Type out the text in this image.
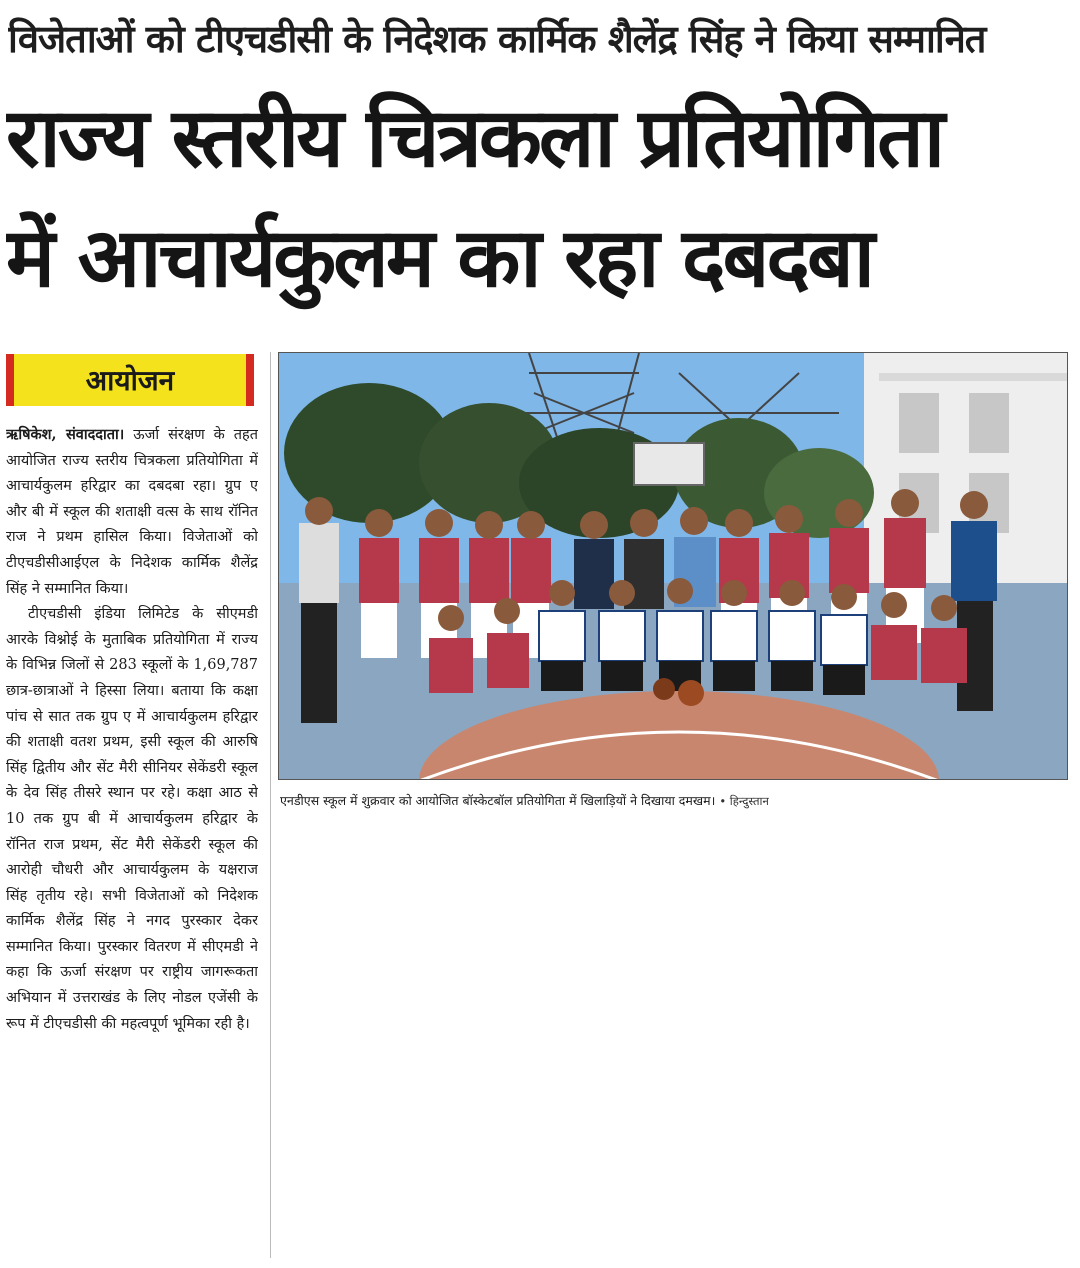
विजेताओं को टीएचडीसी के निदेशक कार्मिक शैलेंद्र सिंह ने किया सम्मानित
राज्य स्तरीय चित्रकला प्रतियोगिता
में आचार्यकुलम का रहा दबदबा
आयोजन

ऋषिकेश, संवाददाता। ऊर्जा संरक्षण के तहत आयोजित राज्य स्तरीय चित्रकला प्रतियोगिता में आचार्यकुलम हरिद्वार का दबदबा रहा। ग्रुप ए और बी में स्कूल की शताक्षी वत्स के साथ रॉनित राज ने प्रथम हासिल किया। विजेताओं को टीएचडीसीआईएल के निदेशक कार्मिक शैलेंद्र सिंह ने सम्मानित किया।

टीएचडीसी इंडिया लिमिटेड के सीएमडी आरके विश्नोई के मुताबिक प्रतियोगिता में राज्य के विभिन्न जिलों से 283 स्कूलों के 1,69,787 छात्र-छात्राओं ने हिस्सा लिया। बताया कि कक्षा पांच से सात तक ग्रुप ए में आचार्यकुलम हरिद्वार की शताक्षी वतश प्रथम, इसी स्कूल की आरुषि सिंह द्वितीय और सेंट मैरी सीनियर सेकेंडरी स्कूल के देव सिंह तीसरे स्थान पर रहे। कक्षा आठ से 10 तक ग्रुप बी में आचार्यकुलम हरिद्वार के रॉनित राज प्रथम, सेंट मैरी सेकेंडरी स्कूल की आरोही चौधरी और आचार्यकुलम के यक्षराज सिंह तृतीय रहे। सभी विजेताओं को निदेशक कार्मिक शैलेंद्र सिंह ने नगद पुरस्कार देकर सम्मानित किया। पुरस्कार वितरण में सीएमडी ने कहा कि ऊर्जा संरक्षण पर राष्ट्रीय जागरूकता अभियान में उत्तराखंड के लिए नोडल एजेंसी के रूप में टीएचडीसी की महत्वपूर्ण भूमिका रही है।

एनडीएस स्कूल में शुक्रवार को आयोजित बॉस्केटबॉल प्रतियोगिता में खिलाड़ियों ने दिखाया दमखम। • हिन्दुस्तान
